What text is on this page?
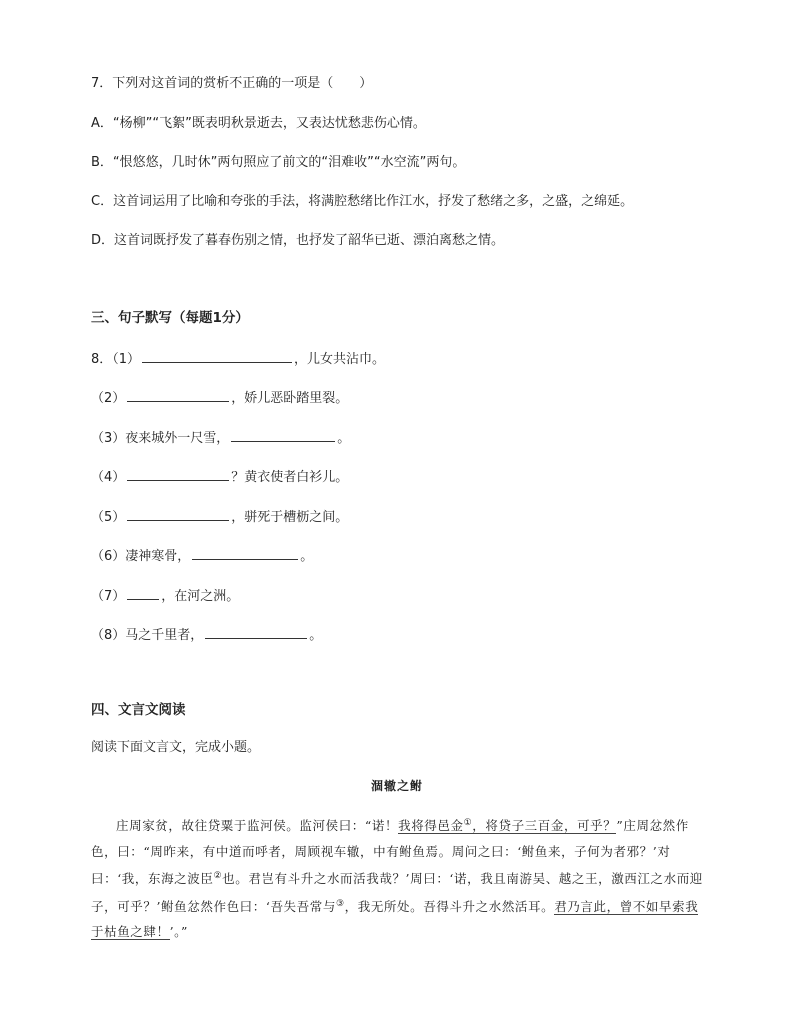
7．下列对这首词的赏析不正确的一项是（　　）
A．“杨柳”“飞絮”既表明秋景逝去，又表达忧愁悲伤心情。
B．“恨悠悠，几时休”两句照应了前文的“泪难收”“水空流”两句。
C．这首词运用了比喻和夸张的手法，将满腔愁绪比作江水，抒发了愁绪之多，之盛，之绵延。
D．这首词既抒发了暮春伤别之情，也抒发了韶华已逝、漂泊离愁之情。
三、句子默写（每题1分）
8．（1）	，儿女共沾巾。
（2）	，娇儿恶卧踏里裂。
（3）夜来城外一尺雪，	。
（4）	？黄衣使者白衫儿。
（5）	，骈死于槽枥之间。
（6）凄神寒骨，	。
（7）	，在河之洲。
（8）马之千里者，	。
四、文言文阅读
阅读下面文言文，完成小题。
涸辙之鲋
庄周家贫，故往贷粟于监河侯。监河侯曰：“诺！我将得邑金①，将贷子三百金，可乎？”庄周忿然作色，曰：“周昨来，有中道而呼者，周顾视车辙，中有鲋鱼焉。周问之曰：‘鲋鱼来，子何为者邪？’对曰：‘我，东海之波臣②也。君岂有斗升之水而活我哉？’周曰：‘诺，我且南游吴、越之王，激西江之水而迎子，可乎？’鲋鱼忿然作色曰：‘吾失吾常与③，我无所处。吾得斗升之水然活耳。君乃言此，曾不如早索我于枯鱼之肆！’。”
